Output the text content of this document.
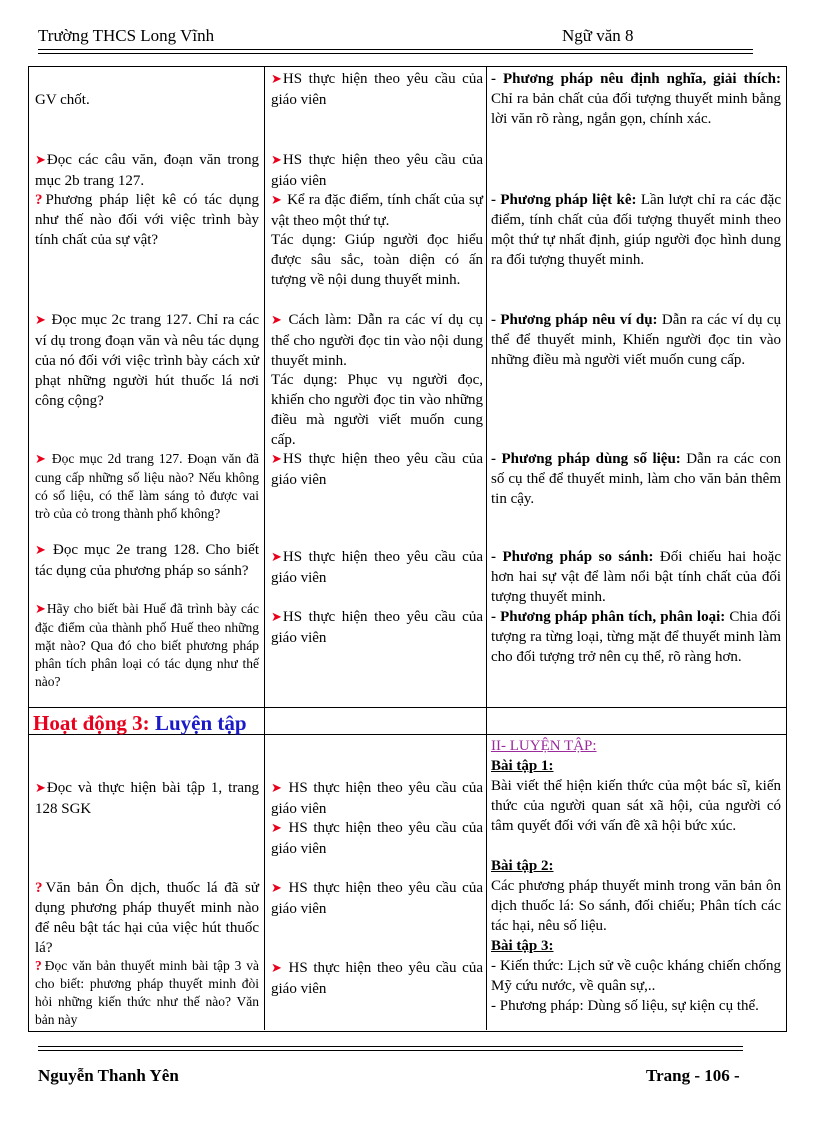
Trường THCS Long Vĩnh	Ngữ văn 8
GV chốt.
➤HS thực hiện theo yêu cầu của giáo viên
- Phương pháp nêu định nghĩa, giải thích: Chỉ ra bản chất của đối tượng thuyết minh bằng lời văn rõ ràng, ngắn gọn, chính xác.
➤Đọc các câu văn, đoạn văn trong mục 2b trang 127.
? Phương pháp liệt kê có tác dụng như thế nào đối với việc trình bày tính chất của sự vật?
➤HS thực hiện theo yêu cầu của giáo viên
➤ Kể ra đặc điểm, tính chất của sự vật theo một thứ tự.
Tác dụng: Giúp người đọc hiểu được sâu sắc, toàn diện có ấn tượng về nội dung thuyết minh.
- Phương pháp liệt kê: Lần lượt chỉ ra các đặc điểm, tính chất của đối tượng thuyết minh theo một thứ tự nhất định, giúp người đọc hình dung ra đối tượng thuyết minh.
➤ Đọc mục 2c trang 127. Chỉ ra các ví dụ trong đoạn văn và nêu tác dụng của nó đối với việc trình bày cách xử phạt những người hút thuốc lá nơi công cộng?
➤ Cách làm: Dẫn ra các ví dụ cụ thể cho người đọc tin vào nội dung thuyết minh.
Tác dụng: Phục vụ người đọc, khiến cho người đọc tin vào những điều mà người viết muốn cung cấp.
- Phương pháp nêu ví dụ: Dẫn ra các ví dụ cụ thể để thuyết minh, Khiến người đọc tin vào những điều mà người viết muốn cung cấp.
➤ Đọc mục 2d trang 127. Đoạn văn đã cung cấp những số liệu nào? Nếu không có số liệu, có thể làm sáng tỏ được vai trò của cỏ trong thành phố không?
➤HS thực hiện theo yêu cầu của giáo viên
- Phương pháp dùng số liệu: Dẫn ra các con số cụ thể để thuyết minh, làm cho văn bản thêm tin cậy.
➤ Đọc mục 2e trang 128. Cho biết tác dụng của phương pháp so sánh?
➤Hãy cho biết bài Huế đã trình bày các đặc điểm của thành phố Huế theo những mặt nào? Qua đó cho biết phương pháp phân tích phân loại có tác dụng như thế nào?
➤HS thực hiện theo yêu cầu của giáo viên
➤HS thực hiện theo yêu cầu của giáo viên
- Phương pháp so sánh: Đối chiếu hai hoặc hơn hai sự vật để làm nổi bật tính chất của đối tượng thuyết minh.
- Phương pháp phân tích, phân loại: Chia đối tượng ra từng loại, từng mặt để thuyết minh làm cho đối tượng trở nên cụ thể, rõ ràng hơn.
Hoạt động 3: Luyện tập
➤Đọc và thực hiện bài tập 1, trang 128 SGK
? Văn bản Ôn dịch, thuốc lá đã sử dụng phương pháp thuyết minh nào để nêu bật tác hại của việc hút thuốc lá?
? Đọc văn bản thuyết minh bài tập 3 và cho biết: phương pháp thuyết minh đòi hỏi những kiến thức như thế nào? Văn bản này
➤ HS thực hiện theo yêu cầu của giáo viên
➤ HS thực hiện theo yêu cầu của giáo viên
➤ HS thực hiện theo yêu cầu của giáo viên
➤ HS thực hiện theo yêu cầu của giáo viên
II- LUYỆN TẬP:
Bài tập 1:
Bài viết thể hiện kiến thức của một bác sĩ, kiến thức của người quan sát xã hội, của người có tâm quyết đối với vấn đề xã hội bức xúc.
Bài tập 2:
Các phương pháp thuyết minh trong văn bản ôn dịch thuốc lá: So sánh, đối chiếu; Phân tích các tác hại, nêu số liệu.
Bài tập 3:
- Kiến thức: Lịch sử về cuộc kháng chiến chống Mỹ cứu nước, về quân sự,..
- Phương pháp: Dùng số liệu, sự kiện cụ thể.
Nguyễn Thanh Yên	Trang - 106 -
